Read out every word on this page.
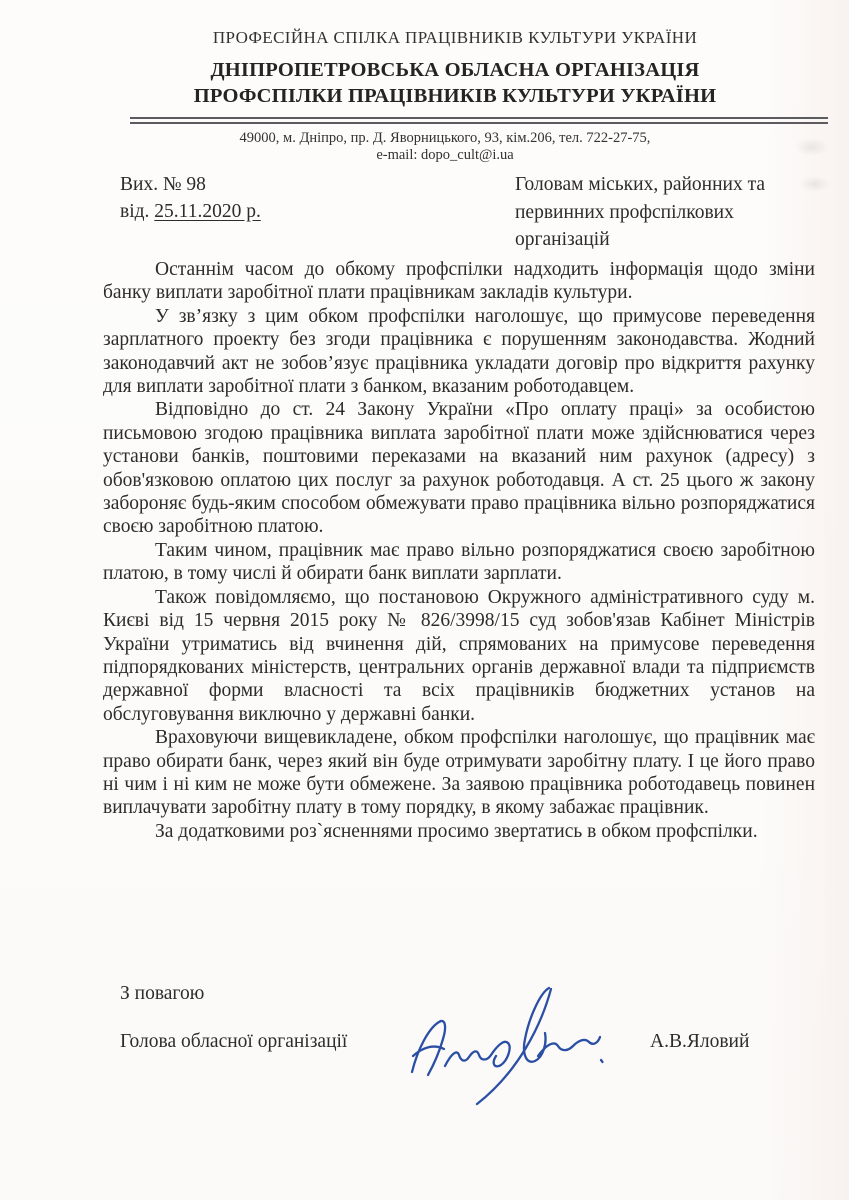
ПРОФЕСІЙНА СПІЛКА ПРАЦІВНИКІВ КУЛЬТУРИ УКРАЇНИ
ДНІПРОПЕТРОВСЬКА ОБЛАСНА ОРГАНІЗАЦІЯ
ПРОФСПІЛКИ ПРАЦІВНИКІВ КУЛЬТУРИ УКРАЇНИ
49000, м. Дніпро, пр. Д. Яворницького, 93, кім.206, тел. 722-27-75,
e-mail: dopo_cult@i.ua
Вих. № 98
від. 25.11.2020 р.
Головам міських, районних та
первинних профспілкових
організацій

Останнім часом до обкому профспілки надходить інформація щодо зміни банку виплати заробітної плати працівникам закладів культури.

У зв’язку з цим обком профспілки наголошує, що примусове переведення зарплатного проекту без згоди працівника є порушенням законодавства. Жодний законодавчий акт не зобов’язує працівника укладати договір про відкриття рахунку для виплати заробітної плати з банком, вказаним роботодавцем.

Відповідно до ст. 24 Закону України «Про оплату праці» за особистою письмовою згодою працівника виплата заробітної плати може здійснюватися через установи банків, поштовими переказами на вказаний ним рахунок (адресу) з обов'язковою оплатою цих послуг за рахунок роботодавця. А ст. 25 цього ж закону забороняє будь-яким способом обмежувати право працівника вільно розпоряджатися своєю заробітною платою.

Таким чином, працівник має право вільно розпоряджатися своєю заробітною платою, в тому числі й обирати банк виплати зарплати.

Також повідомляємо, що постановою Окружного адміністративного суду м. Києві від 15 червня 2015 року № 826/3998/15 суд зобов'язав Кабінет Міністрів України утриматись від вчинення дій, спрямованих на примусове переведення підпорядкованих міністерств, центральних органів державної влади та підприємств державної форми власності та всіх працівників бюджетних установ на обслуговування виключно у державні банки.

Враховуючи вищевикладене, обком профспілки наголошує, що працівник має право обирати банк, через який він буде отримувати заробітну плату. І це його право ні чим і ні ким не може бути обмежене. За заявою працівника роботодавець повинен виплачувати заробітну плату в тому порядку, в якому забажає працівник.

За додатковими роз`ясненнями просимо звертатись в обком профспілки.

З повагою
Голова обласної організації	А.В.Яловий
